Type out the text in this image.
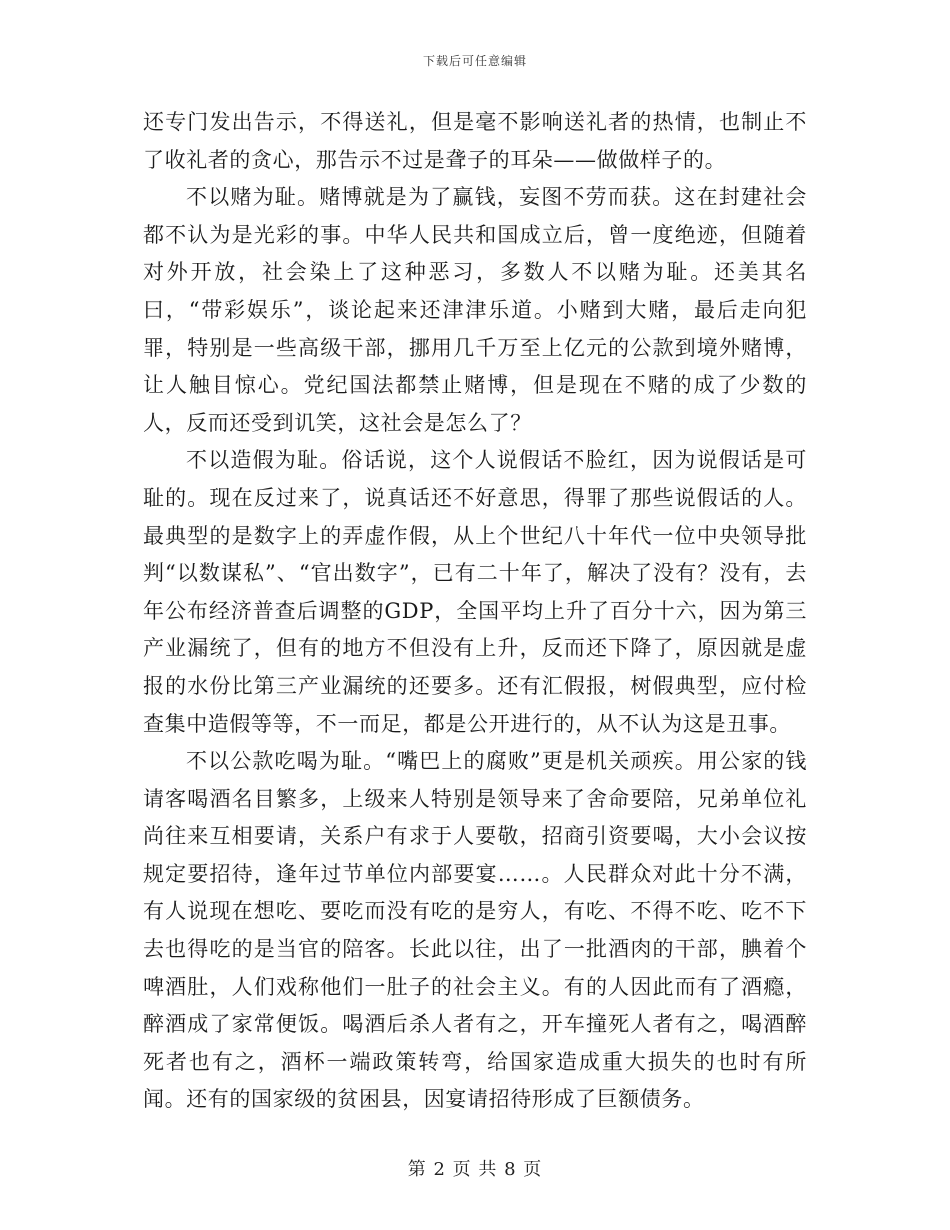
下载后可任意编辑

还专门发出告示，不得送礼，但是毫不影响送礼者的热情，也制止不了收礼者的贪心，那告示不过是聋子的耳朵——做做样子的。

不以赌为耻。赌博就是为了赢钱，妄图不劳而获。这在封建社会都不认为是光彩的事。中华人民共和国成立后，曾一度绝迹，但随着对外开放，社会染上了这种恶习，多数人不以赌为耻。还美其名曰，“带彩娱乐”，谈论起来还津津乐道。小赌到大赌，最后走向犯罪，特别是一些高级干部，挪用几千万至上亿元的公款到境外赌博，让人触目惊心。党纪国法都禁止赌博，但是现在不赌的成了少数的人，反而还受到讥笑，这社会是怎么了？

不以造假为耻。俗话说，这个人说假话不脸红，因为说假话是可耻的。现在反过来了，说真话还不好意思，得罪了那些说假话的人。最典型的是数字上的弄虚作假，从上个世纪八十年代一位中央领导批判“以数谋私”、“官出数字”，已有二十年了，解决了没有？没有，去年公布经济普查后调整的GDP，全国平均上升了百分十六，因为第三产业漏统了，但有的地方不但没有上升，反而还下降了，原因就是虚报的水份比第三产业漏统的还要多。还有汇假报，树假典型，应付检查集中造假等等，不一而足，都是公开进行的，从不认为这是丑事。

不以公款吃喝为耻。“嘴巴上的腐败”更是机关顽疾。用公家的钱请客喝酒名目繁多，上级来人特别是领导来了舍命要陪，兄弟单位礼尚往来互相要请，关系户有求于人要敬，招商引资要喝，大小会议按规定要招待，逢年过节单位内部要宴……。人民群众对此十分不满，有人说现在想吃、要吃而没有吃的是穷人，有吃、不得不吃、吃不下去也得吃的是当官的陪客。长此以往，出了一批酒肉的干部，腆着个啤酒肚，人们戏称他们一肚子的社会主义。有的人因此而有了酒瘾，醉酒成了家常便饭。喝酒后杀人者有之，开车撞死人者有之，喝酒醉死者也有之，酒杯一端政策转弯，给国家造成重大损失的也时有所闻。还有的国家级的贫困县，因宴请招待形成了巨额债务。

第 2 页 共 8 页
